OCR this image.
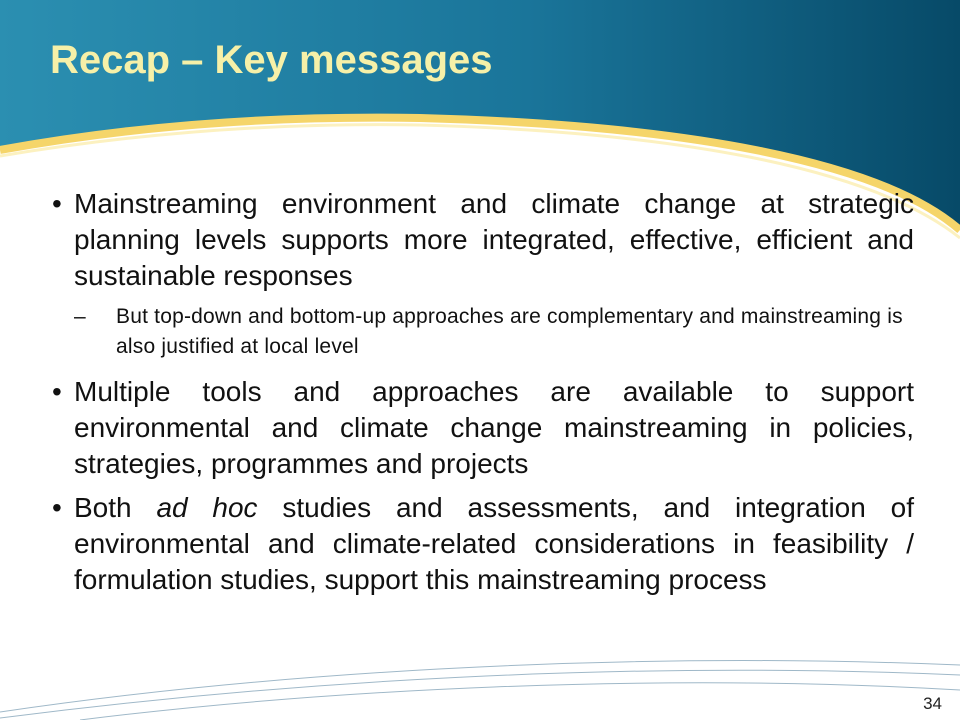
Recap – Key messages
• Mainstreaming environment and climate change at strategic planning levels supports more integrated, effective, efficient and sustainable responses
– But top-down and bottom-up approaches are complementary and mainstreaming is also justified at local level
• Multiple tools and approaches are available to support environmental and climate change mainstreaming in policies, strategies, programmes and projects
• Both ad hoc studies and assessments, and integration of environmental and climate-related considerations in feasibility / formulation studies, support this mainstreaming process
34
